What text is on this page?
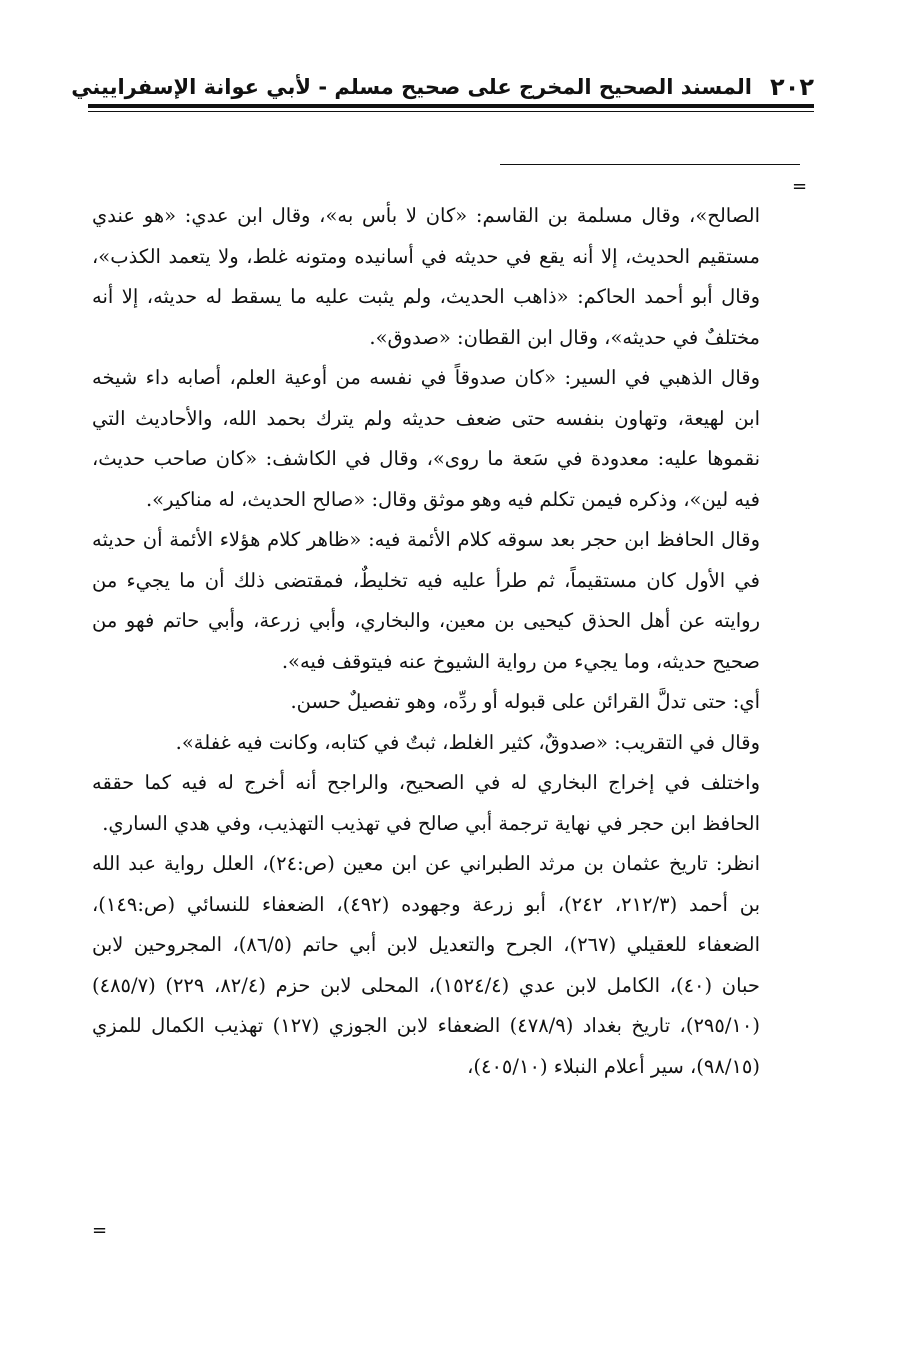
٢٠٢
المسند الصحيح المخرج على صحيح مسلم - لأبي عوانة الإسفراييني
=

الصالح»، وقال مسلمة بن القاسم: «كان لا بأس به»، وقال ابن عدي: «هو عندي مستقيم الحديث، إلا أنه يقع في حديثه في أسانيده ومتونه غلط، ولا يتعمد الكذب»، وقال أبو أحمد الحاكم: «ذاهب الحديث، ولم يثبت عليه ما يسقط له حديثه، إلا أنه مختلفٌ في حديثه»، وقال ابن القطان: «صدوق».

وقال الذهبي في السير: «كان صدوقاً في نفسه من أوعية العلم، أصابه داء شيخه ابن لهيعة، وتهاون بنفسه حتى ضعف حديثه ولم يترك بحمد الله، والأحاديث التي نقموها عليه: معدودة في سَعة ما روى»، وقال في الكاشف: «كان صاحب حديث، فيه لين»، وذكره فيمن تكلم فيه وهو موثق وقال: «صالح الحديث، له مناكير».

وقال الحافظ ابن حجر بعد سوقه كلام الأئمة فيه: «ظاهر كلام هؤلاء الأئمة أن حديثه في الأول كان مستقيماً، ثم طرأ عليه فيه تخليطٌ، فمقتضى ذلك أن ما يجيء من روايته عن أهل الحذق كيحيى بن معين، والبخاري، وأبي زرعة، وأبي حاتم فهو من صحيح حديثه، وما يجيء من رواية الشيوخ عنه فيتوقف فيه».

أي: حتى تدلَّ القرائن على قبوله أو ردِّه، وهو تفصيلٌ حسن.

وقال في التقريب: «صدوقٌ، كثير الغلط، ثبتٌ في كتابه، وكانت فيه غفلة».

واختلف في إخراج البخاري له في الصحيح، والراجح أنه أخرج له فيه كما حققه الحافظ ابن حجر في نهاية ترجمة أبي صالح في تهذيب التهذيب، وفي هدي الساري.

انظر: تاريخ عثمان بن مرثد الطبراني عن ابن معين (ص:٢٤)، العلل رواية عبد الله بن أحمد (٢١٢/٣، ٢٤٢)، أبو زرعة وجهوده (٤٩٢)، الضعفاء للنسائي (ص:١٤٩)، الضعفاء للعقيلي (٢٦٧)، الجرح والتعديل لابن أبي حاتم (٨٦/٥)، المجروحين لابن حبان (٤٠)، الكامل لابن عدي (١٥٢٤/٤)، المحلى لابن حزم (٨٢/٤، ٢٢٩) (٤٨٥/٧) (٢٩٥/١٠)، تاريخ بغداد (٤٧٨/٩) الضعفاء لابن الجوزي (١٢٧) تهذيب الكمال للمزي (٩٨/١٥)، سير أعلام النبلاء (٤٠٥/١٠)،

=
